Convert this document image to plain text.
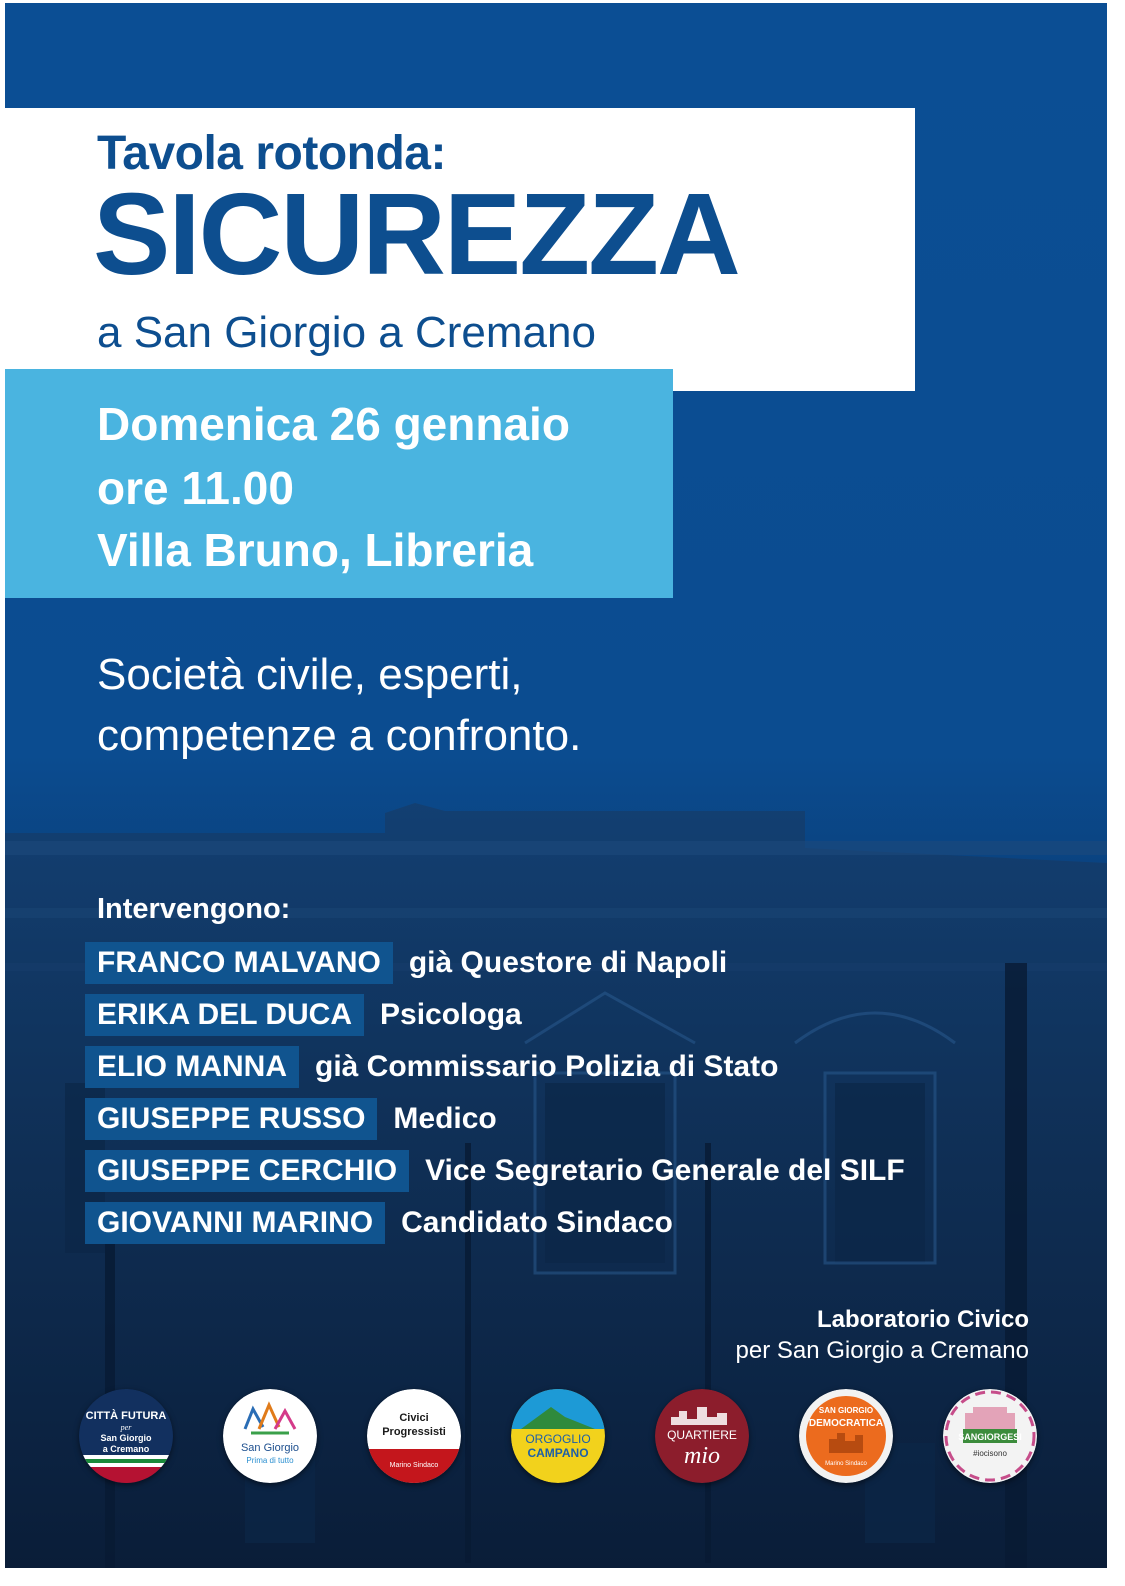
Tavola rotonda:
SICUREZZA
a San Giorgio a Cremano
Domenica 26 gennaio
ore 11.00
Villa Bruno, Libreria
Società civile, esperti,
competenze a confronto.
Intervengono:
FRANCO MALVANO già Questore di Napoli
ERIKA DEL DUCA Psicologa
ELIO MANNA già Commissario Polizia di Stato
GIUSEPPE RUSSO Medico
GIUSEPPE CERCHIO Vice Segretario Generale del SILF
GIOVANNI MARINO Candidato Sindaco
Laboratorio Civico
per San Giorgio a Cremano
CITTÀ FUTURA
per
San Giorgio
a Cremano	San Giorgio
Prima di tutto
Civici
Progressisti
Marino Sindaco
ORGOGLIO
CAMPANO
QUARTIERE
mio
SAN GIORGIO
DEMOCRATICA
Marino Sindaco
SANGIORGESI
#iocisono
